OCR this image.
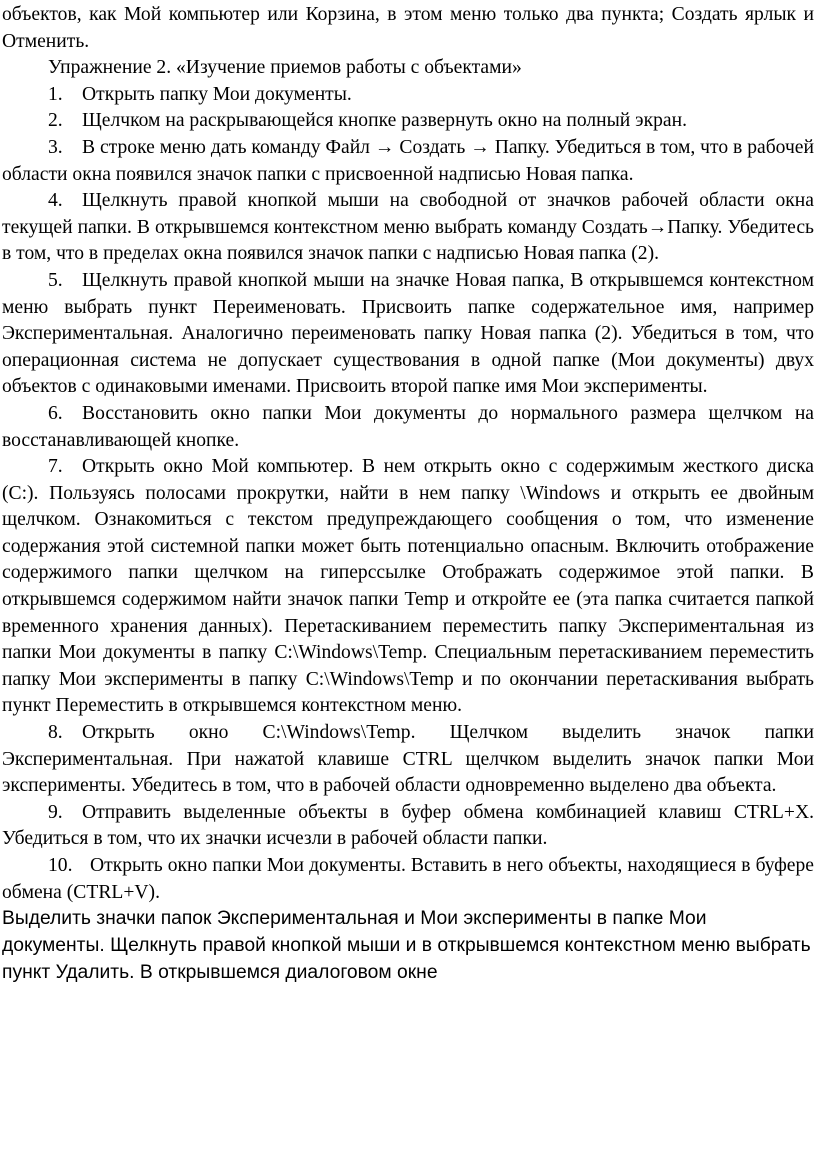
объектов, как Мой компьютер или Корзина, в этом меню только два пункта; Создать ярлык и Отменить.

Упражнение 2. «Изучение приемов работы с объектами»

1. Открыть папку Мои документы.

2. Щелчком на раскрывающейся кнопке развернуть окно на полный экран.

3. В строке меню дать команду Файл → Создать → Папку. Убедиться в том, что в рабочей области окна появился значок папки с присвоенной надписью Новая папка.

4. Щелкнуть правой кнопкой мыши на свободной от значков рабочей области окна текущей папки. В открывшемся контекстном меню выбрать команду Создать→Папку. Убедитесь в том, что в пределах окна появился значок папки с надписью Новая папка (2).

5. Щелкнуть правой кнопкой мыши на значке Новая папка, В открывшемся контекстном меню выбрать пункт Переименовать. Присвоить папке содержательное имя, например Экспериментальная. Аналогично переименовать папку Новая папка (2). Убедиться в том, что операционная система не допускает существования в одной папке (Мои документы) двух объектов с одинаковыми именами. Присвоить второй папке имя Мои эксперименты.

6. Восстановить окно папки Мои документы до нормального размера щелчком на восстанавливающей кнопке.

7. Открыть окно Мой компьютер. В нем открыть окно с содержимым жесткого диска (С:). Пользуясь полосами прокрутки, найти в нем папку \Windows и открыть ее двойным щелчком. Ознакомиться с текстом предупреждающего сообщения о том, что изменение содержания этой системной папки может быть потенциально опасным. Включить отображение содержимого папки щелчком на гиперссылке Отображать содержимое этой папки. В открывшемся содержимом найти значок папки Temp и откройте ее (эта папка считается папкой временного хранения данных). Перетаскиванием переместить папку Экспериментальная из папки Мои документы в папку C:\Windows\Temp. Специальным перетаскиванием переместить папку Мои эксперименты в папку C:\Windows\Temp и по окончании перетаскивания выбрать пункт Переместить в открывшемся контекстном меню.

8. Открыть окно C:\Windows\Temp. Щелчком выделить значок папки Экспериментальная. При нажатой клавише CTRL щелчком выделить значок папки Мои эксперименты. Убедитесь в том, что в рабочей области одновременно выделено два объекта.

9. Отправить выделенные объекты в буфер обмена комбинацией клавиш CTRL+X. Убедиться в том, что их значки исчезли в рабочей области папки.

10. Открыть окно папки Мои документы. Вставить в него объекты, находящиеся в буфере обмена (CTRL+V).

Выделить значки папок Экспериментальная и Мои эксперименты в папке Мои документы. Щелкнуть правой кнопкой мыши и в открывшемся контекстном меню выбрать пункт Удалить. В открывшемся диалоговом окне
